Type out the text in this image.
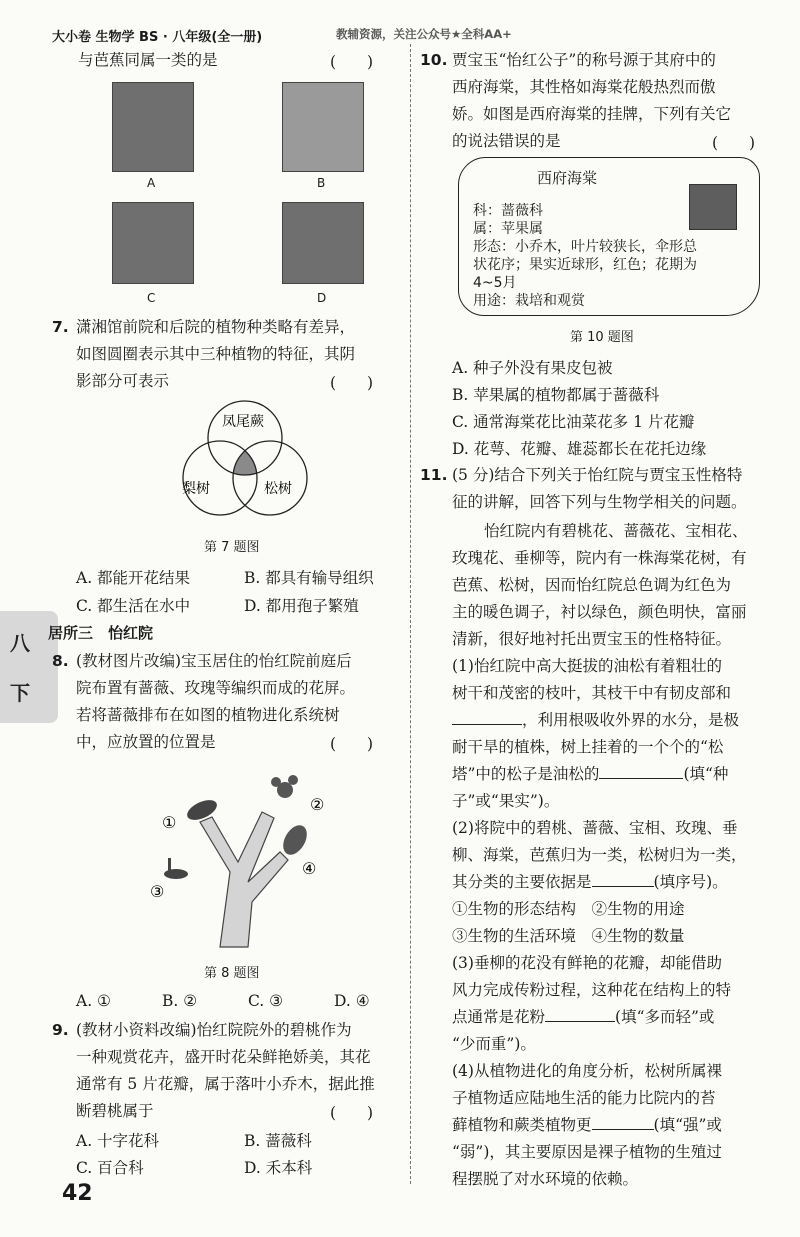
大小卷 生物学 BS · 八年级(全一册)	教辅资源，关注公众号★全科AA+
八
下
与芭蕉同属一类的是	(　　)
A	B
C	D
7. 潇湘馆前院和后院的植物种类略有差异，
如图圆圈表示其中三种植物的特征，其阴
影部分可表示	(　　)
凤尾蕨
梨树	松树
第 7 题图
A. 都能开花结果	B. 都具有输导组织
C. 都生活在水中	D. 都用孢子繁殖
居所三　怡红院
8. (教材图片改编)宝玉居住的怡红院前庭后
院布置有蔷薇、玫瑰等编织而成的花屏。
若将蔷薇排布在如图的植物进化系统树
中，应放置的位置是	(　　)
①
②
③
④
第 8 题图
A. ①	B. ②	C. ③	D. ④
9. (教材小资料改编)怡红院院外的碧桃作为
一种观赏花卉，盛开时花朵鲜艳娇美，其花
通常有 5 片花瓣，属于落叶小乔木，据此推
断碧桃属于	(　　)
A. 十字花科	B. 蔷薇科
C. 百合科	D. 禾本科
42
10. 贾宝玉“怡红公子”的称号源于其府中的
西府海棠，其性格如海棠花般热烈而傲
娇。如图是西府海棠的挂牌，下列有关它
的说法错误的是	(　　)
西府海棠
科：蔷薇科
属：苹果属
形态：小乔木，叶片较狭长，伞形总
状花序；果实近球形，红色；花期为
4~5月
用途：栽培和观赏
第 10 题图
A. 种子外没有果皮包被
B. 苹果属的植物都属于蔷薇科
C. 通常海棠花比油菜花多 1 片花瓣
D. 花萼、花瓣、雄蕊都长在花托边缘
11. (5 分)结合下列关于怡红院与贾宝玉性格特
征的讲解，回答下列与生物学相关的问题。
怡红院内有碧桃花、蔷薇花、宝相花、
玫瑰花、垂柳等，院内有一株海棠花树，有
芭蕉、松树，因而怡红院总色调为红色为
主的暖色调子，衬以绿色，颜色明快，富丽
清新，很好地衬托出贾宝玉的性格特征。
(1)怡红院中高大挺拔的油松有着粗壮的
树干和茂密的枝叶，其枝干中有韧皮部和
，利用根吸收外界的水分，是极
耐干旱的植株，树上挂着的一个个的“松
塔”中的松子是油松的	(填“种
子”或“果实”)。
(2)将院中的碧桃、蔷薇、宝相、玫瑰、垂
柳、海棠，芭蕉归为一类，松树归为一类，
其分类的主要依据是	(填序号)。
①生物的形态结构　②生物的用途
③生物的生活环境　④生物的数量
(3)垂柳的花没有鲜艳的花瓣，却能借助
风力完成传粉过程，这种花在结构上的特
点通常是花粉	(填“多而轻”或
“少而重”)。
(4)从植物进化的角度分析，松树所属裸
子植物适应陆地生活的能力比院内的苔
藓植物和蕨类植物更	(填“强”或
“弱”)，其主要原因是裸子植物的生殖过
程摆脱了对水环境的依赖。
